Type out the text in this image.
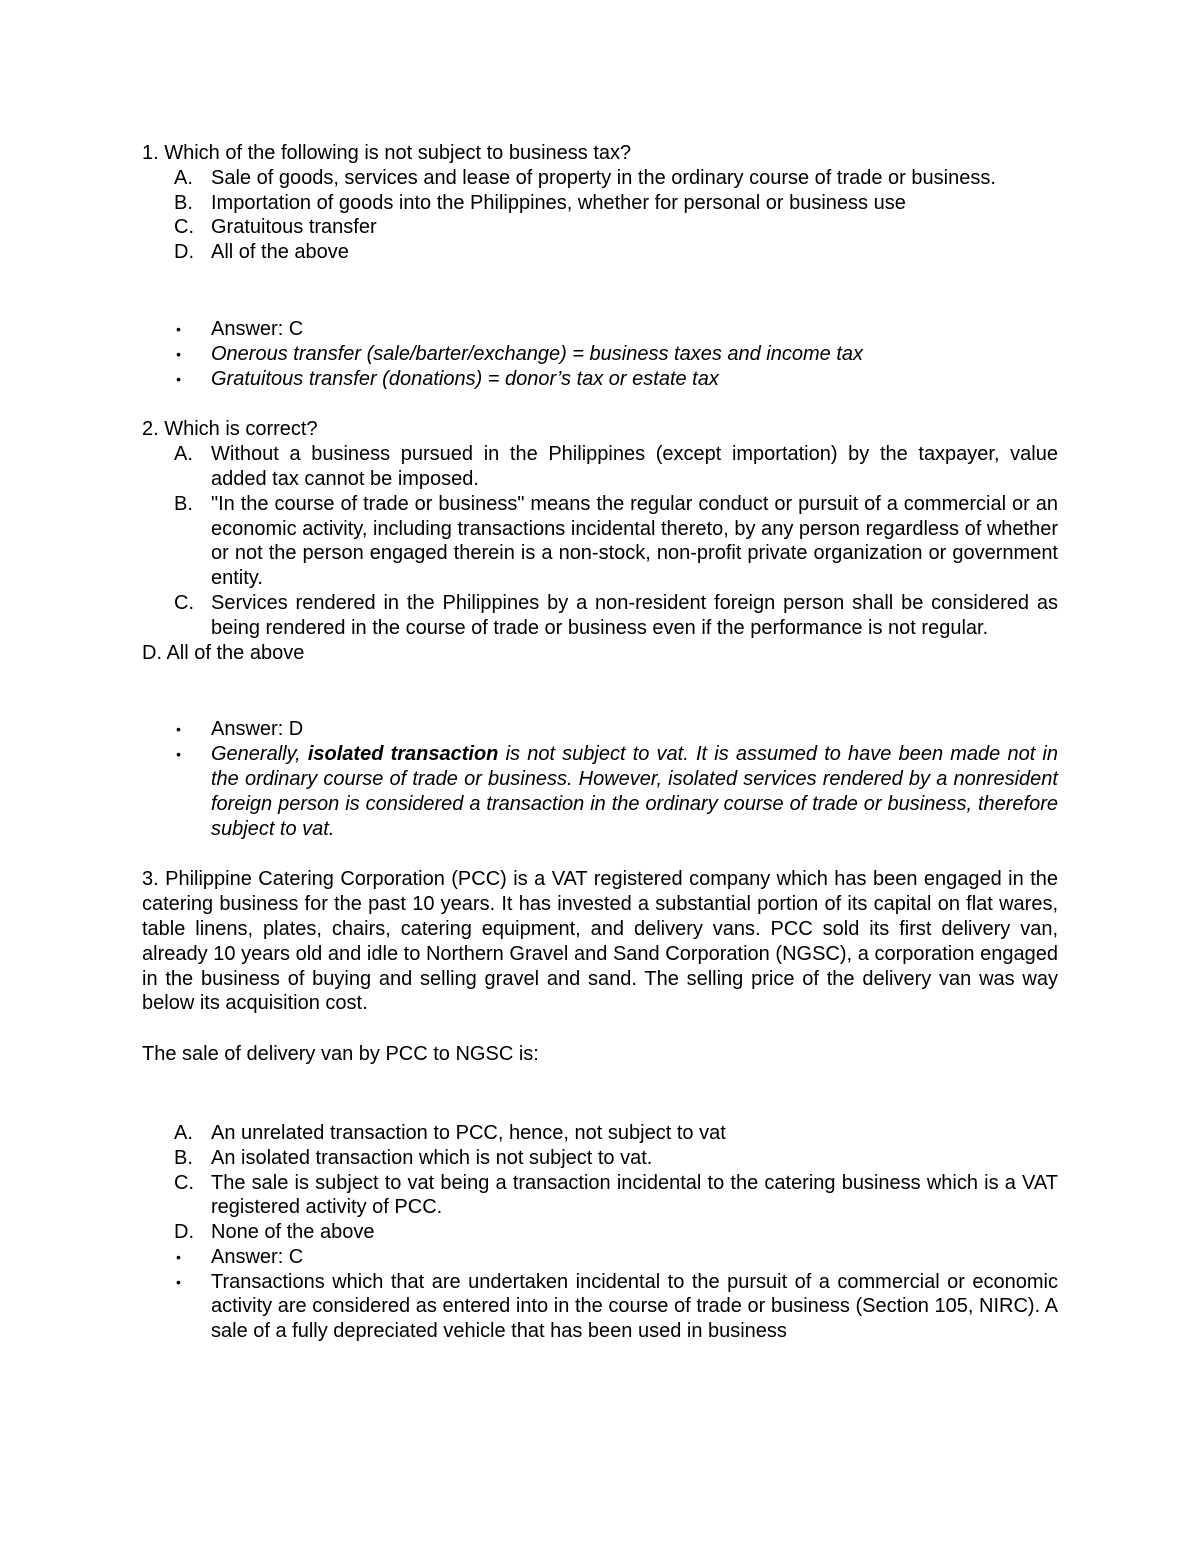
1. Which of the following is not subject to business tax?

A. Sale of goods, services and lease of property in the ordinary course of trade or business.
B. Importation of goods into the Philippines, whether for personal or business use
C. Gratuitous transfer
D. All of the above
• Answer: C
• Onerous transfer (sale/barter/exchange) = business taxes and income tax
• Gratuitous transfer (donations) = donor’s tax or estate tax

2. Which is correct?

A. Without a business pursued in the Philippines (except importation) by the taxpayer, value added tax cannot be imposed.
B. "In the course of trade or business" means the regular conduct or pursuit of a commercial or an economic activity, including transactions incidental thereto, by any person regardless of whether or not the person engaged therein is a non-stock, non-profit private organization or government entity.
C. Services rendered in the Philippines by a non-resident foreign person shall be considered as being rendered in the course of trade or business even if the performance is not regular.

D. All of the above

• Answer: D
• Generally, isolated transaction is not subject to vat. It is assumed to have been made not in the ordinary course of trade or business. However, isolated services rendered by a nonresident foreign person is considered a transaction in the ordinary course of trade or business, therefore subject to vat.

3. Philippine Catering Corporation (PCC) is a VAT registered company which has been engaged in the catering business for the past 10 years. It has invested a substantial portion of its capital on flat wares, table linens, plates, chairs, catering equipment, and delivery vans. PCC sold its first delivery van, already 10 years old and idle to Northern Gravel and Sand Corporation (NGSC), a corporation engaged in the business of buying and selling gravel and sand. The selling price of the delivery van was way below its acquisition cost.

The sale of delivery van by PCC to NGSC is:

A. An unrelated transaction to PCC, hence, not subject to vat
B. An isolated transaction which is not subject to vat.
C. The sale is subject to vat being a transaction incidental to the catering business which is a VAT registered activity of PCC.
D. None of the above
• Answer: C
• Transactions which that are undertaken incidental to the pursuit of a commercial or economic activity are considered as entered into in the course of trade or business (Section 105, NIRC). A sale of a fully depreciated vehicle that has been used in business
